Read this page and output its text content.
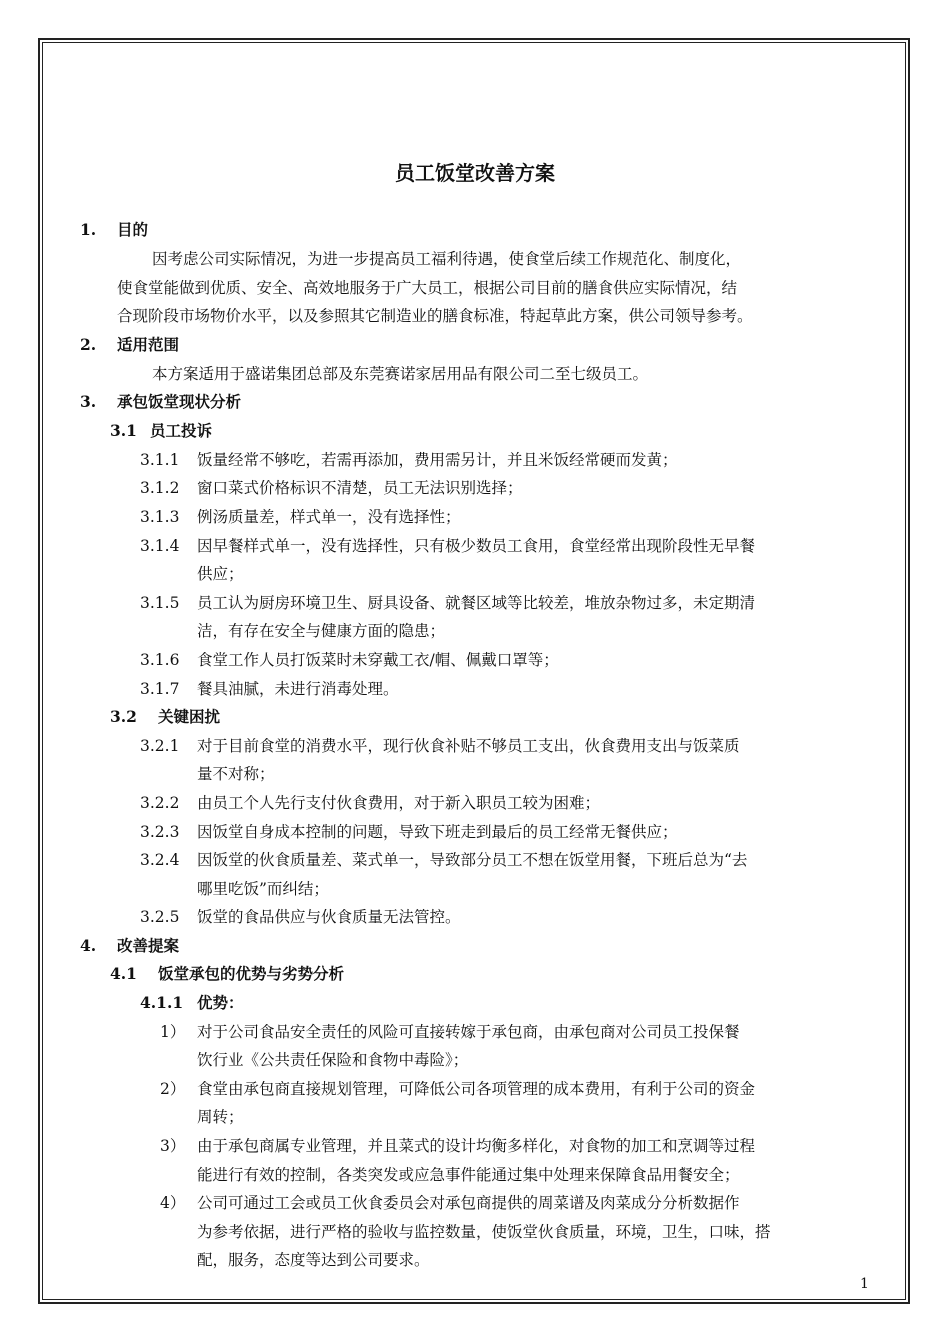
员工饭堂改善方案
1. 目的
因考虑公司实际情况，为进一步提高员工福利待遇，使食堂后续工作规范化、制度化，
使食堂能做到优质、安全、高效地服务于广大员工，根据公司目前的膳食供应实际情况，结
合现阶段市场物价水平，以及参照其它制造业的膳食标准，特起草此方案，供公司领导参考。
2. 适用范围
本方案适用于盛诺集团总部及东莞赛诺家居用品有限公司二至七级员工。
3. 承包饭堂现状分析
3.1 员工投诉
3.1.1 饭量经常不够吃，若需再添加，费用需另计，并且米饭经常硬而发黄；
3.1.2 窗口菜式价格标识不清楚，员工无法识别选择；
3.1.3 例汤质量差，样式单一，没有选择性；
3.1.4 因早餐样式单一，没有选择性，只有极少数员工食用，食堂经常出现阶段性无早餐
供应；
3.1.5 员工认为厨房环境卫生、厨具设备、就餐区域等比较差，堆放杂物过多，未定期清
洁，有存在安全与健康方面的隐患；
3.1.6 食堂工作人员打饭菜时未穿戴工衣/帽、佩戴口罩等；
3.1.7 餐具油腻，未进行消毒处理。
3.2 关键困扰
3.2.1 对于目前食堂的消费水平，现行伙食补贴不够员工支出，伙食费用支出与饭菜质
量不对称；
3.2.2 由员工个人先行支付伙食费用，对于新入职员工较为困难；
3.2.3 因饭堂自身成本控制的问题，导致下班走到最后的员工经常无餐供应；
3.2.4 因饭堂的伙食质量差、菜式单一，导致部分员工不想在饭堂用餐，下班后总为“去
哪里吃饭”而纠结；
3.2.5 饭堂的食品供应与伙食质量无法管控。
4. 改善提案
4.1 饭堂承包的优势与劣势分析
4.1.1 优势：
1） 对于公司食品安全责任的风险可直接转嫁于承包商，由承包商对公司员工投保餐
饮行业《公共责任保险和食物中毒险》；
2） 食堂由承包商直接规划管理，可降低公司各项管理的成本费用，有利于公司的资金
周转；
3） 由于承包商属专业管理，并且菜式的设计均衡多样化，对食物的加工和烹调等过程
能进行有效的控制，各类突发或应急事件能通过集中处理来保障食品用餐安全；
4） 公司可通过工会或员工伙食委员会对承包商提供的周菜谱及肉菜成分分析数据作
为参考依据，进行严格的验收与监控数量，使饭堂伙食质量，环境，卫生，口味，搭
配，服务，态度等达到公司要求。
1
